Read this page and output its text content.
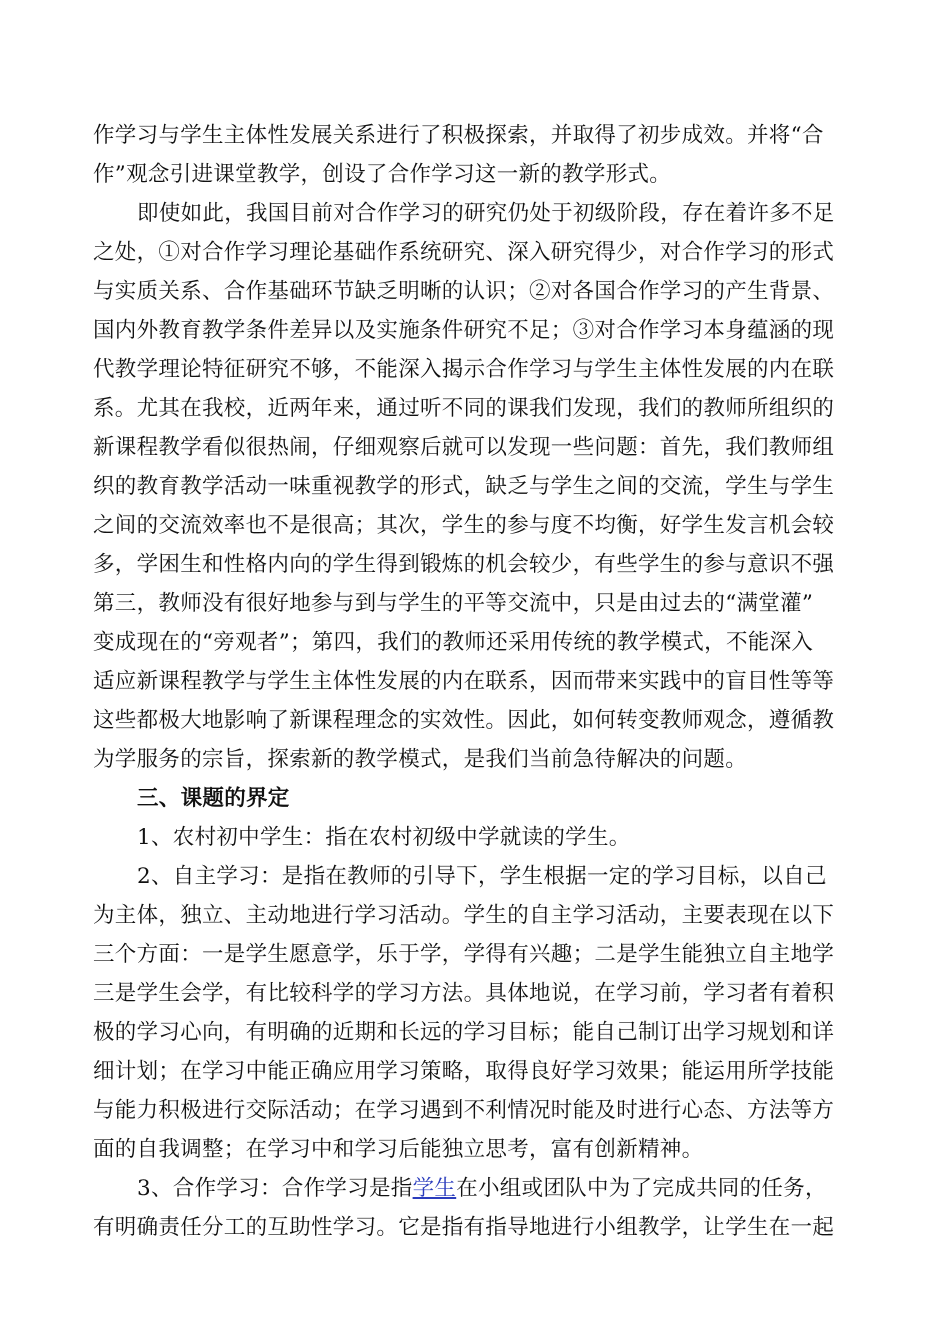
作学习与学生主体性发展关系进行了积极探索，并取得了初步成效。并将“合
作”观念引进课堂教学，创设了合作学习这一新的教学形式。
即使如此，我国目前对合作学习的研究仍处于初级阶段，存在着许多不足
之处，①对合作学习理论基础作系统研究、深入研究得少，对合作学习的形式
与实质关系、合作基础环节缺乏明晰的认识；②对各国合作学习的产生背景、
国内外教育教学条件差异以及实施条件研究不足；③对合作学习本身蕴涵的现
代教学理论特征研究不够，不能深入揭示合作学习与学生主体性发展的内在联
系。尤其在我校，近两年来，通过听不同的课我们发现，我们的教师所组织的
新课程教学看似很热闹，仔细观察后就可以发现一些问题：首先，我们教师组
织的教育教学活动一味重视教学的形式，缺乏与学生之间的交流，学生与学生
之间的交流效率也不是很高；其次，学生的参与度不均衡，好学生发言机会较
多，学困生和性格内向的学生得到锻炼的机会较少，有些学生的参与意识不强
第三，教师没有很好地参与到与学生的平等交流中，只是由过去的“满堂灌”
变成现在的“旁观者”；第四，我们的教师还采用传统的教学模式，不能深入
适应新课程教学与学生主体性发展的内在联系，因而带来实践中的盲目性等等
这些都极大地影响了新课程理念的实效性。因此，如何转变教师观念，遵循教
为学服务的宗旨，探索新的教学模式，是我们当前急待解决的问题。
三、课题的界定
1、农村初中学生：指在农村初级中学就读的学生。
2、自主学习：是指在教师的引导下，学生根据一定的学习目标，以自己
为主体，独立、主动地进行学习活动。学生的自主学习活动，主要表现在以下
三个方面：一是学生愿意学，乐于学，学得有兴趣；二是学生能独立自主地学
三是学生会学，有比较科学的学习方法。具体地说，在学习前，学习者有着积
极的学习心向，有明确的近期和长远的学习目标；能自己制订出学习规划和详
细计划；在学习中能正确应用学习策略，取得良好学习效果；能运用所学技能
与能力积极进行交际活动；在学习遇到不利情况时能及时进行心态、方法等方
面的自我调整；在学习中和学习后能独立思考，富有创新精神。
3、合作学习：合作学习是指学生在小组或团队中为了完成共同的任务，
有明确责任分工的互助性学习。它是指有指导地进行小组教学，让学生在一起
